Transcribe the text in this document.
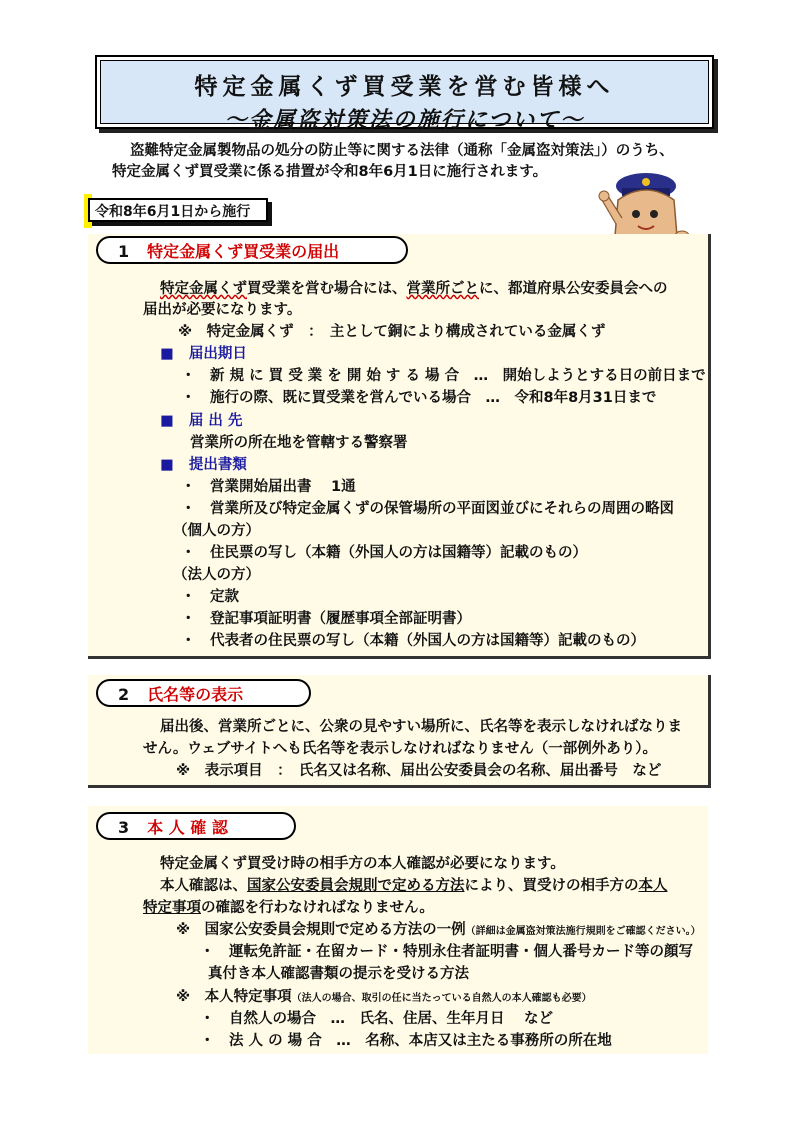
特定金属くず買受業を営む皆様へ
～金属盗対策法の施行について～
盗難特定金属製物品の処分の防止等に関する法律（通称「金属盗対策法」）のうち、
特定金属くず買受業に係る措置が令和8年6月1日に施行されます。
令和8年6月1日から施行
1 特定金属くず買受業の届出
特定金属くず買受業を営む場合には、営業所ごとに、都道府県公安委員会への
届出が必要になります。
※　特定金属くず　：　主として銅により構成されている金属くず
■ 届出期日
・　新 規 に 買 受 業 を 開 始 す る 場 合　…　開始しようとする日の前日まで
・　施行の際、既に買受業を営んでいる場合　…　令和8年8月31日まで
■ 届 出 先
営業所の所在地を管轄する警察署
■ 提出書類
・　営業開始届出書　 1通
・　営業所及び特定金属くずの保管場所の平面図並びにそれらの周囲の略図
（個人の方）
・　住民票の写し（本籍（外国人の方は国籍等）記載のもの）
（法人の方）
・　定款
・　登記事項証明書（履歴事項全部証明書）
・　代表者の住民票の写し（本籍（外国人の方は国籍等）記載のもの）
2 氏名等の表示
届出後、営業所ごとに、公衆の見やすい場所に、氏名等を表示しなければなりま
せん。ウェブサイトへも氏名等を表示しなければなりません（一部例外あり）。
※　表示項目　：　氏名又は名称、届出公安委員会の名称、届出番号　など
3 本 人 確 認
特定金属くず買受け時の相手方の本人確認が必要になります。
本人確認は、国家公安委員会規則で定める方法により、買受けの相手方の本人
特定事項の確認を行わなければなりません。
※　国家公安委員会規則で定める方法の一例（詳細は金属盗対策法施行規則をご確認ください。）
・　運転免許証・在留カード・特別永住者証明書・個人番号カード等の顔写
真付き本人確認書類の提示を受ける方法
※　本人特定事項（法人の場合、取引の任に当たっている自然人の本人確認も必要）
・　自然人の場合　…　氏名、住居、生年月日　 など
・　法 人 の 場 合　…　名称、本店又は主たる事務所の所在地
